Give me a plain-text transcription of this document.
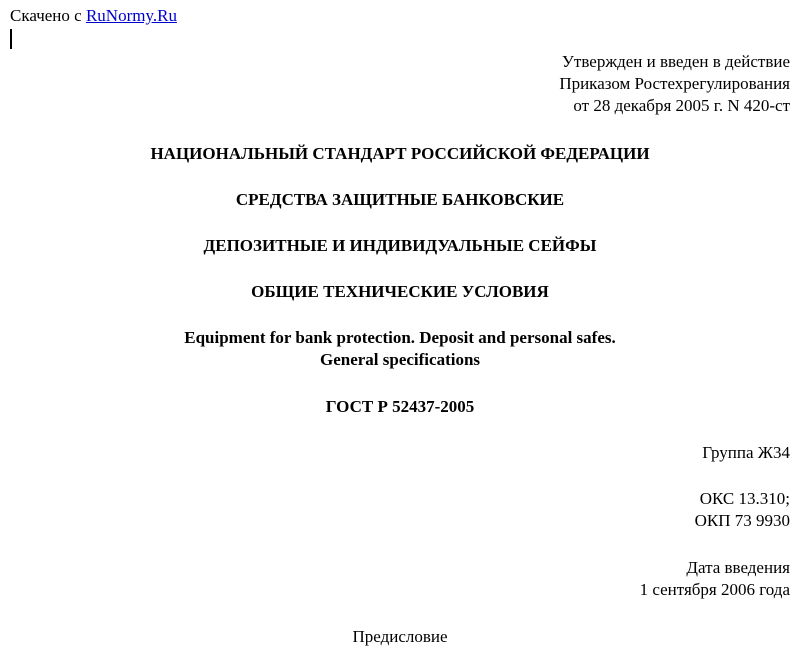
Скачено с RuNormy.Ru
Утвержден и введен в действие
Приказом Ростехрегулирования
от 28 декабря 2005 г. N 420-ст
НАЦИОНАЛЬНЫЙ СТАНДАРТ РОССИЙСКОЙ ФЕДЕРАЦИИ
СРЕДСТВА ЗАЩИТНЫЕ БАНКОВСКИЕ
ДЕПОЗИТНЫЕ И ИНДИВИДУАЛЬНЫЕ СЕЙФЫ
ОБЩИЕ ТЕХНИЧЕСКИЕ УСЛОВИЯ
Equipment for bank protection. Deposit and personal safes.
General specifications
ГОСТ Р 52437-2005
Группа Ж34
ОКС 13.310;
ОКП 73 9930
Дата введения
1 сентября 2006 года
Предисловие
